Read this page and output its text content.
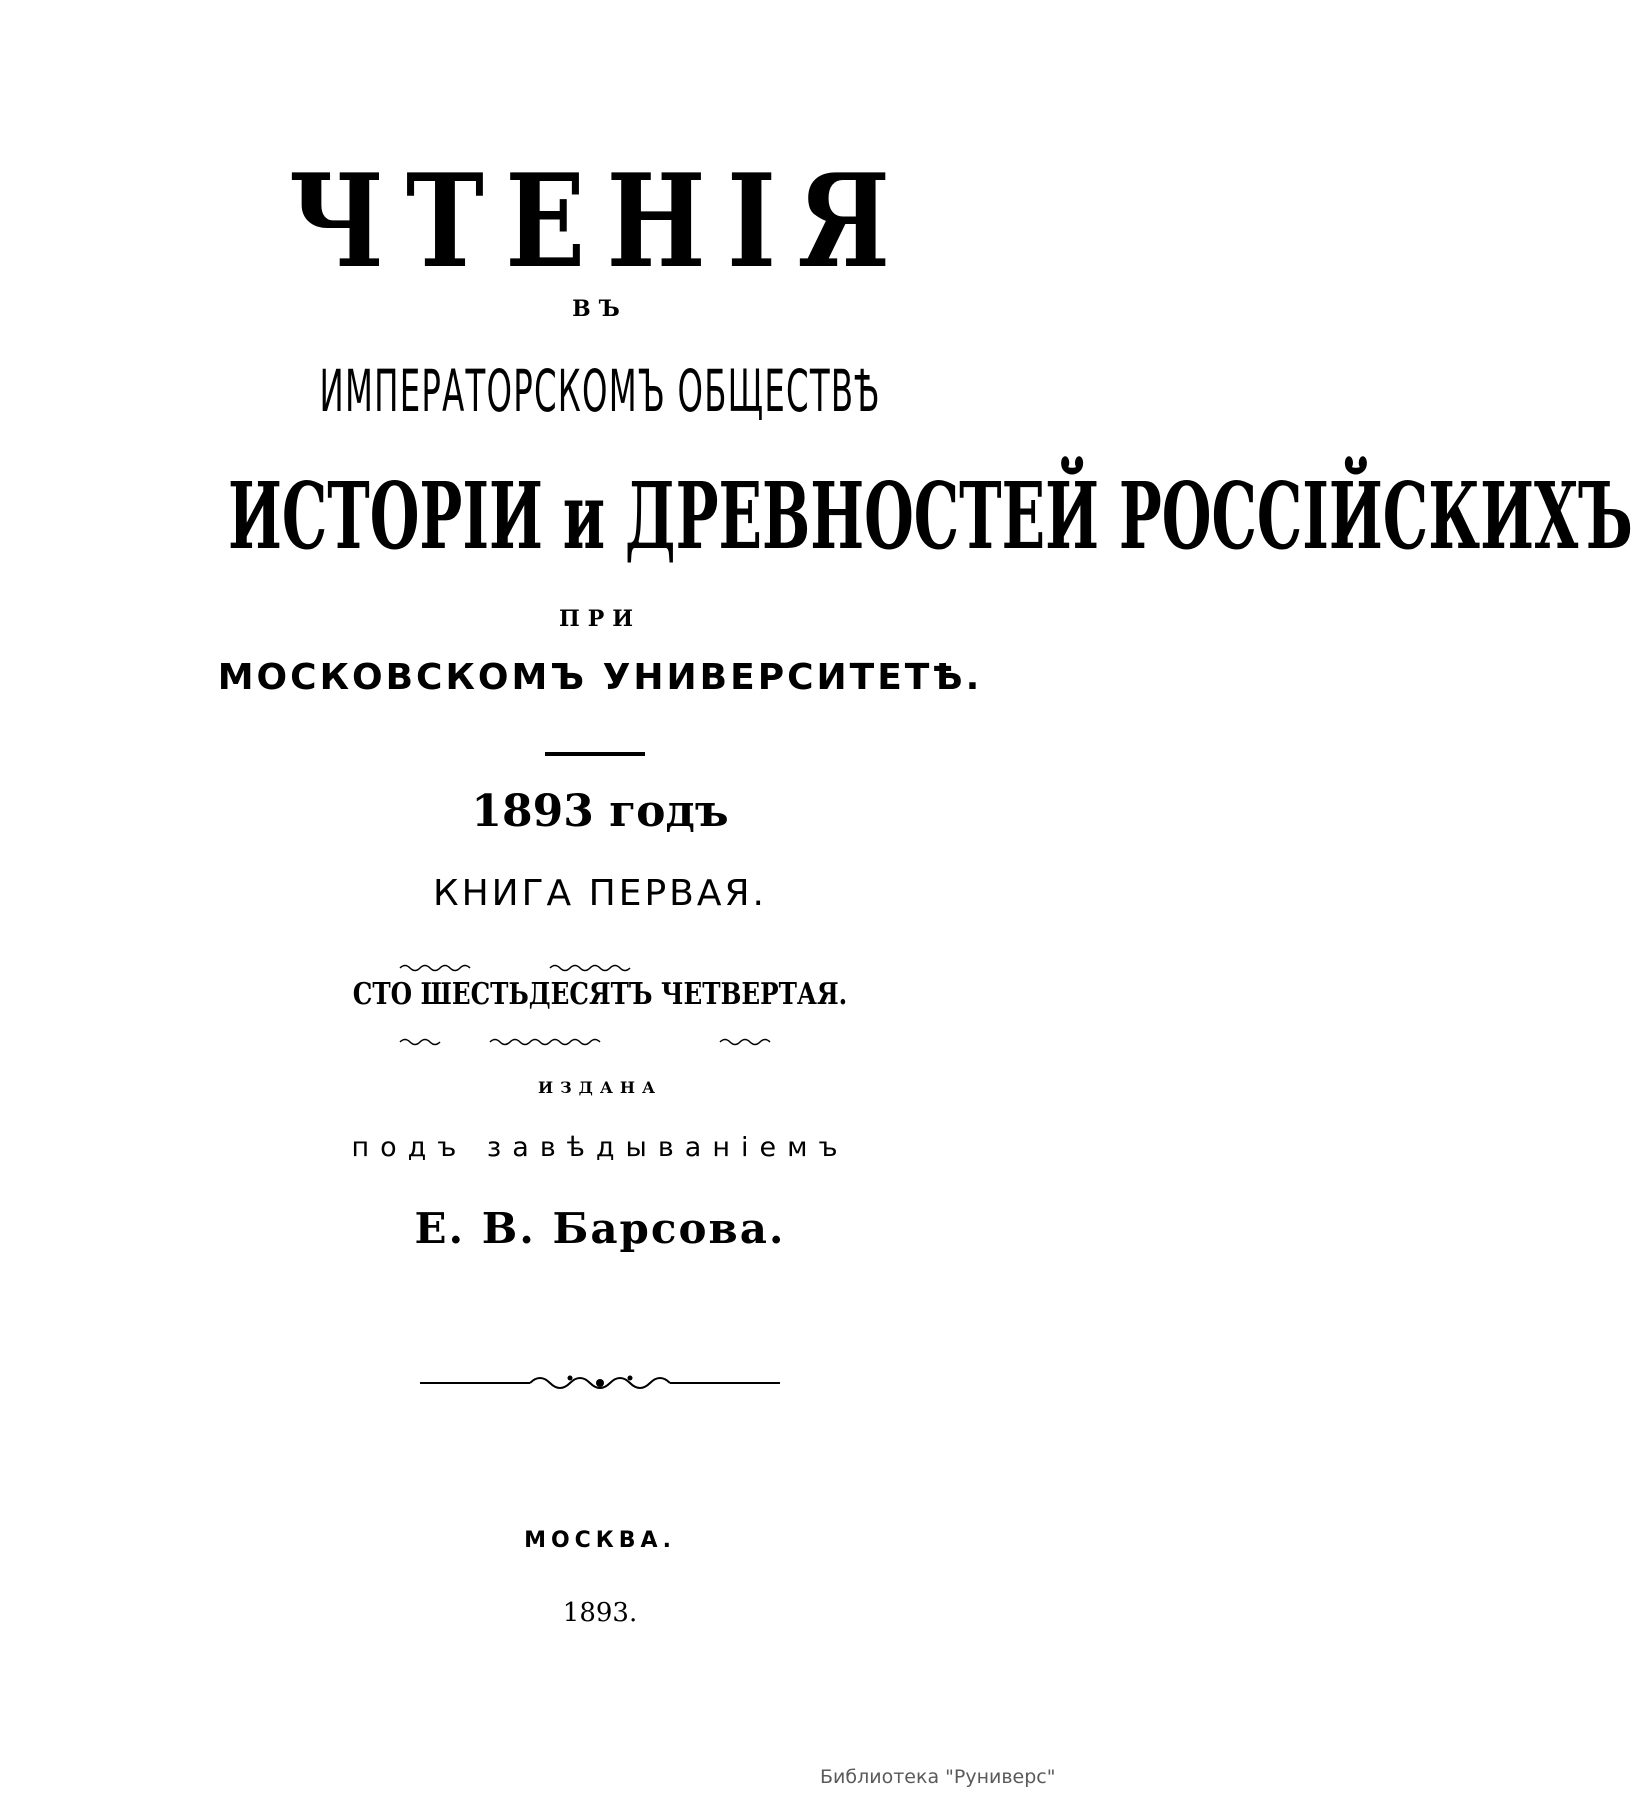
ЧТЕНІЯ
ВЪ
ИМПЕРАТОРСКОМЪ ОБЩЕСТВѢ
ИСТОРІИ и ДРЕВНОСТЕЙ РОССІЙСКИХЪ
ПРИ
МОСКОВСКОМЪ УНИВЕРСИТЕТѢ.
1893 годъ
КНИГА ПЕРВАЯ.
СТО ШЕСТЬДЕСЯТЪ ЧЕТВЕРТАЯ.
ИЗДАНА
подъ завѣдываніемъ
Е. В. Барсова.
МОСКВА.
1893.
Библиотека "Руниверс"
